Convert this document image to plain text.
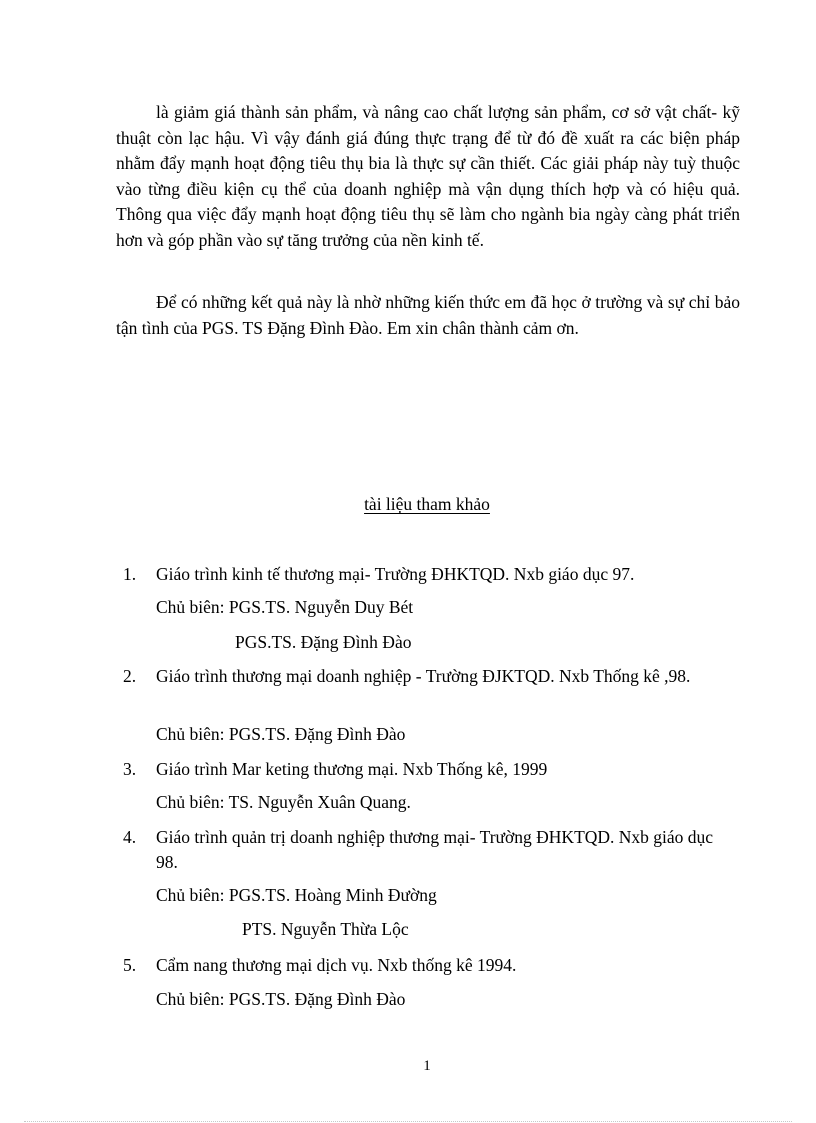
là giảm giá thành sản phẩm, và nâng cao chất lượng sản phẩm, cơ sở vật chất- kỹ thuật còn lạc hậu. Vì vậy đánh giá đúng thực trạng để từ đó đề xuất ra các biện pháp nhằm đẩy mạnh hoạt động tiêu thụ bia là thực sự cần thiết. Các giải pháp này tuỳ thuộc vào từng điều kiện cụ thể của doanh nghiệp mà vận dụng thích hợp và có hiệu quả. Thông qua việc đẩy mạnh hoạt động tiêu thụ sẽ làm cho ngành bia ngày càng phát triển hơn và góp phần vào sự tăng trưởng của nền kinh tế.

Để có những kết quả này là nhờ những kiến thức em đã học ở trường và sự chỉ bảo tận tình của PGS. TS Đặng Đình Đào. Em xin chân thành cảm ơn.

tài liệu tham khảo

1. Giáo trình kinh tế thương mại- Trường ĐHKTQD. Nxb giáo dục 97.
Chủ biên: PGS.TS. Nguyễn Duy Bét
PGS.TS. Đặng Đình Đào
2. Giáo trình thương mại doanh nghiệp - Trường ĐJKTQD. Nxb Thống kê ,98.
Chủ biên: PGS.TS. Đặng Đình Đào
3. Giáo trình Mar keting thương mại. Nxb Thống kê, 1999
Chủ biên: TS. Nguyễn Xuân Quang.
4. Giáo trình quản trị doanh nghiệp thương mại- Trường ĐHKTQD. Nxb giáo dục 98.
Chủ biên: PGS.TS. Hoàng Minh Đường
PTS. Nguyễn Thừa Lộc
5. Cẩm nang thương mại dịch vụ. Nxb thống kê 1994.
Chủ biên: PGS.TS. Đặng Đình Đào
1
